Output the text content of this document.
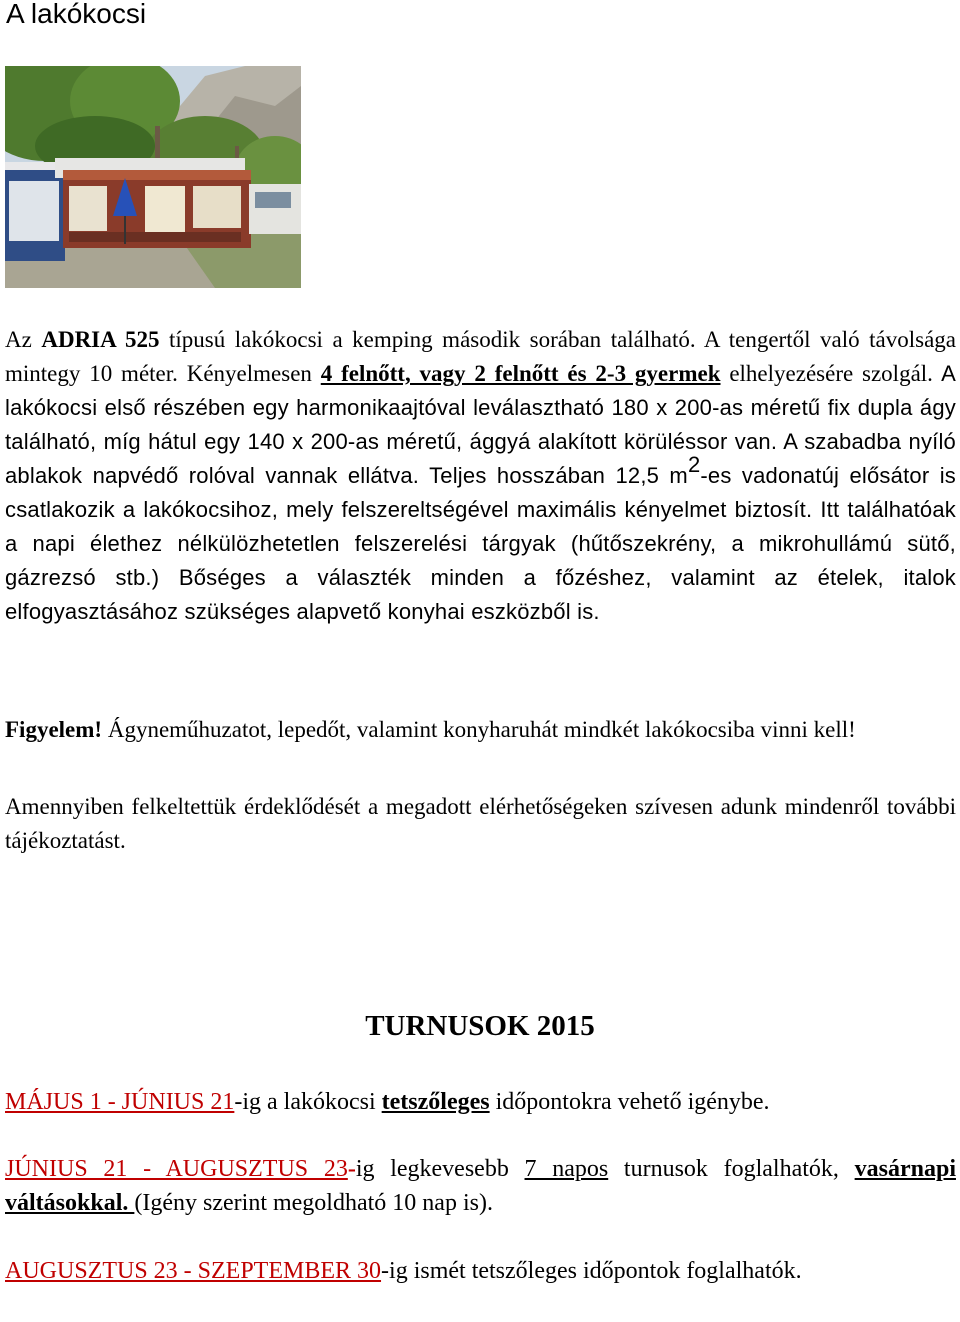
A lakókocsi

Az ADRIA 525 típusú lakókocsi a kemping második sorában található. A tengertől való távolsága mintegy 10 méter. Kényelmesen 4 felnőtt, vagy 2 felnőtt és 2-3 gyermek elhelyezésére szolgál. A lakókocsi első részében egy harmonikaajtóval leválasztható 180 x 200-as méretű fix dupla ágy található, míg hátul egy 140 x 200-as méretű, ággyá alakított körüléssor van. A szabadba nyíló ablakok napvédő rolóval vannak ellátva. Teljes hosszában 12,5 $m^2-es$ vadonatúj elősátor is csatlakozik a lakókocsihoz, mely felszereltségével maximális kényelmet biztosít. Itt találhatóak a napi élethez nélkülözhetetlen felszerelési tárgyak (hűtőszekrény, a mikrohullámú sütő, gázrezsó stb.) Bőséges a választék minden a főzéshez, valamint az ételek, italok elfogyasztásához szükséges alapvető konyhai eszközből is.

Figyelem! Ágyneműhuzatot, lepedőt, valamint konyharuhát mindkét lakókocsiba vinni kell!

Amennyiben felkeltettük érdeklődését a megadott elérhetőségeken szívesen adunk mindenről további tájékoztatást.

TURNUSOK 2015

MÁJUS 1 - JÚNIUS 21-ig a lakókocsi tetszőleges időpontokra vehető igénybe.

JÚNIUS 21 - AUGUSZTUS 23-ig legkevesebb 7 napos turnusok foglalhatók, vasárnapi váltásokkal. (Igény szerint megoldható 10 nap is).

AUGUSZTUS 23 - SZEPTEMBER 30-ig ismét tetszőleges időpontok foglalhatók.
